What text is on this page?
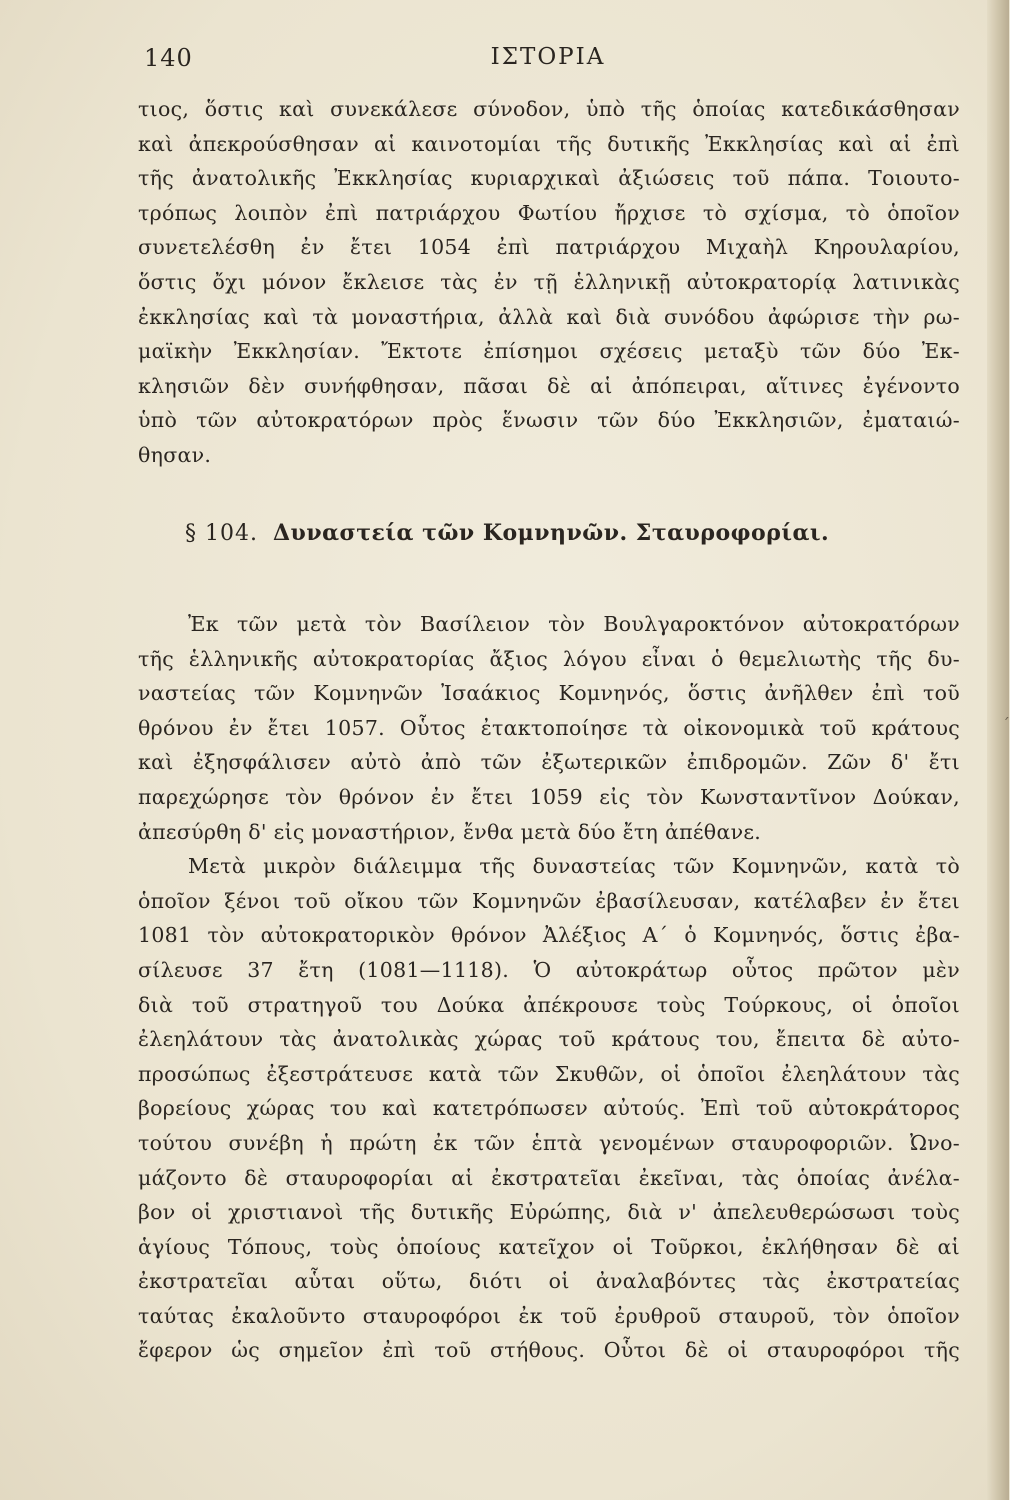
140	ΙΣΤΟΡΙΑ
τιος, ὅστις καὶ συνεκάλεσε σύνοδον, ὑπὸ τῆς ὁποίας κατεδικάσθησαν
καὶ ἀπεκρούσθησαν αἱ καινοτομίαι τῆς δυτικῆς Ἐκκλησίας καὶ αἱ ἐπὶ
τῆς ἀνατολικῆς Ἐκκλησίας κυριαρχικαὶ ἀξιώσεις τοῦ πάπα. Τοιουτο-
τρόπως λοιπὸν ἐπὶ πατριάρχου Φωτίου ἤρχισε τὸ σχίσμα, τὸ ὁποῖον
συνετελέσθη ἐν ἔτει 1054 ἐπὶ πατριάρχου Μιχαὴλ Κηρουλαρίου,
ὅστις ὄχι μόνον ἔκλεισε τὰς ἐν τῇ ἑλληνικῇ αὐτοκρατορίᾳ λατινικὰς
ἐκκλησίας καὶ τὰ μοναστήρια, ἀλλὰ καὶ διὰ συνόδου ἀφώρισε τὴν ρω-
μαϊκὴν Ἐκκλησίαν. Ἔκτοτε ἐπίσημοι σχέσεις μεταξὺ τῶν δύο Ἐκ-
κλησιῶν δὲν συνήφθησαν, πᾶσαι δὲ αἱ ἀπόπειραι, αἵτινες ἐγένοντο
ὑπὸ τῶν αὐτοκρατόρων πρὸς ἕνωσιν τῶν δύο Ἐκκλησιῶν, ἐματαιώ-
θησαν.
§ 104. Δυναστεία τῶν Κομνηνῶν. Σταυροφορίαι.
Ἐκ τῶν μετὰ τὸν Βασίλειον τὸν Βουλγαροκτόνον αὐτοκρατόρων
τῆς ἑλληνικῆς αὐτοκρατορίας ἄξιος λόγου εἶναι ὁ θεμελιωτὴς τῆς δυ-
ναστείας τῶν Κομνηνῶν Ἰσαάκιος Κομνηνός, ὅστις ἀνῆλθεν ἐπὶ τοῦ
θρόνου ἐν ἔτει 1057. Οὗτος ἐτακτοποίησε τὰ οἰκονομικὰ τοῦ κράτους
καὶ ἐξησφάλισεν αὐτὸ ἀπὸ τῶν ἐξωτερικῶν ἐπιδρομῶν. Ζῶν δ' ἔτι
παρεχώρησε τὸν θρόνον ἐν ἔτει 1059 εἰς τὸν Κωνσταντῖνον Δούκαν,
ἀπεσύρθη δ' εἰς μοναστήριον, ἔνθα μετὰ δύο ἔτη ἀπέθανε.
Μετὰ μικρὸν διάλειμμα τῆς δυναστείας τῶν Κομνηνῶν, κατὰ τὸ
ὁποῖον ξένοι τοῦ οἴκου τῶν Κομνηνῶν ἐβασίλευσαν, κατέλαβεν ἐν ἔτει
1081 τὸν αὐτοκρατορικὸν θρόνον Ἀλέξιος Α΄ ὁ Κομνηνός, ὅστις ἐβα-
σίλευσε 37 ἔτη (1081—1118). Ὁ αὐτοκράτωρ οὗτος πρῶτον μὲν
διὰ τοῦ στρατηγοῦ του Δούκα ἀπέκρουσε τοὺς Τούρκους, οἱ ὁποῖοι
ἐλεηλάτουν τὰς ἀνατολικὰς χώρας τοῦ κράτους του, ἔπειτα δὲ αὐτο-
προσώπως ἐξεστράτευσε κατὰ τῶν Σκυθῶν, οἱ ὁποῖοι ἐλεηλάτουν τὰς
βορείους χώρας του καὶ κατετρόπωσεν αὐτούς. Ἐπὶ τοῦ αὐτοκράτορος
τούτου συνέβη ἡ πρώτη ἐκ τῶν ἑπτὰ γενομένων σταυροφοριῶν. Ὠνο-
μάζοντο δὲ σταυροφορίαι αἱ ἐκστρατεῖαι ἐκεῖναι, τὰς ὁποίας ἀνέλα-
βον οἱ χριστιανοὶ τῆς δυτικῆς Εὐρώπης, διὰ ν' ἀπελευθερώσωσι τοὺς
ἁγίους Τόπους, τοὺς ὁποίους κατεῖχον οἱ Τοῦρκοι, ἐκλήθησαν δὲ αἱ
ἐκστρατεῖαι αὗται οὕτω, διότι οἱ ἀναλαβόντες τὰς ἐκστρατείας
ταύτας ἐκαλοῦντο σταυροφόροι ἐκ τοῦ ἐρυθροῦ σταυροῦ, τὸν ὁποῖον
ἔφερον ὡς σημεῖον ἐπὶ τοῦ στήθους. Οὗτοι δὲ οἱ σταυροφόροι τῆς
´
